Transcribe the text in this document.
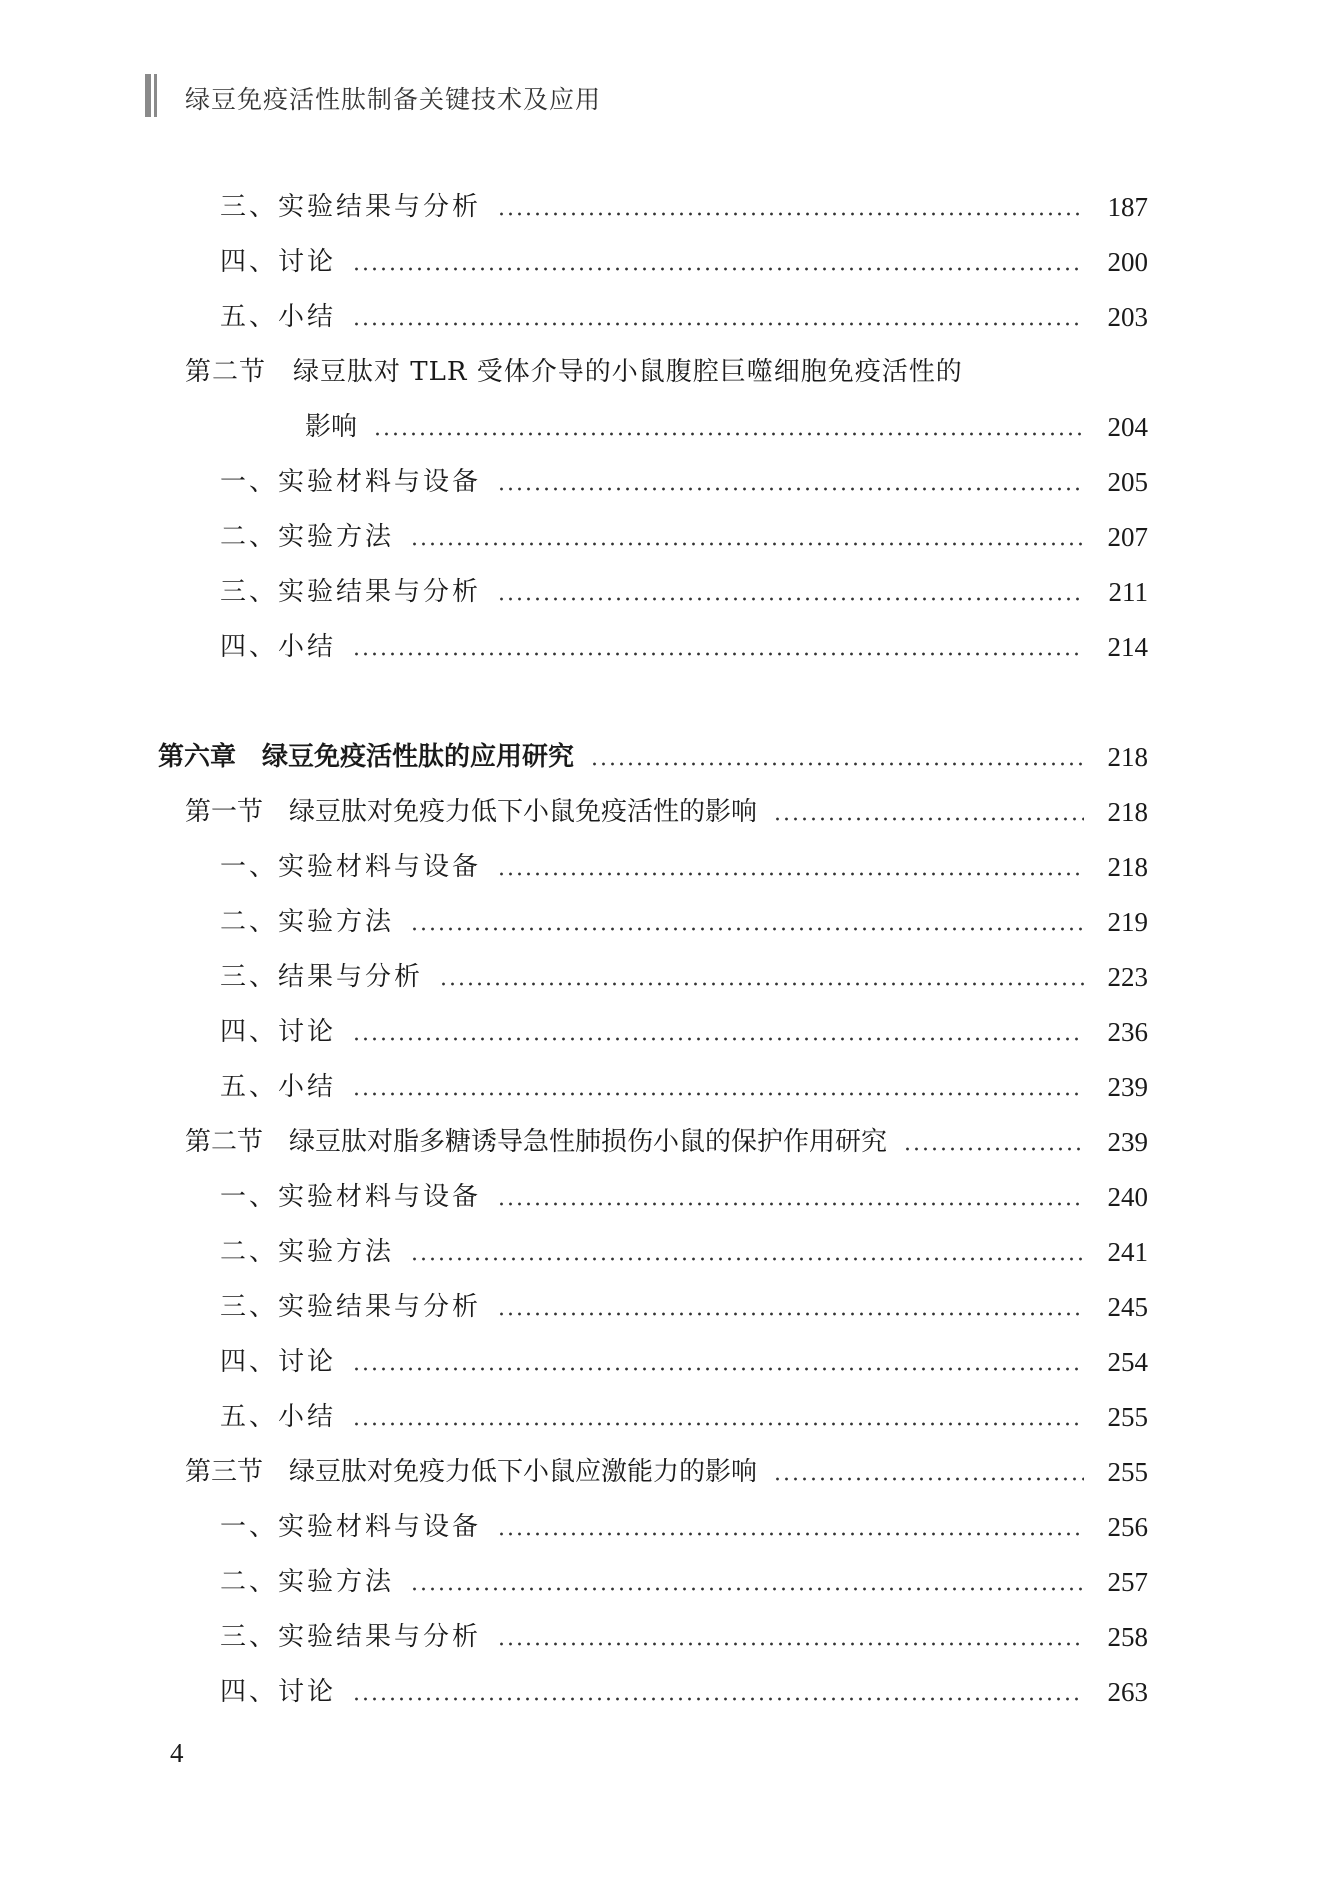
绿豆免疫活性肽制备关键技术及应用
三、实验结果与分析	187
四、讨论	200
五、小结	203
第二节　绿豆肽对 TLR 受体介导的小鼠腹腔巨噬细胞免疫活性的
影响	204
一、实验材料与设备	205
二、实验方法	207
三、实验结果与分析	211
四、小结	214
第六章　绿豆免疫活性肽的应用研究	218
第一节　绿豆肽对免疫力低下小鼠免疫活性的影响	218
一、实验材料与设备	218
二、实验方法	219
三、结果与分析	223
四、讨论	236
五、小结	239
第二节　绿豆肽对脂多糖诱导急性肺损伤小鼠的保护作用研究	239
一、实验材料与设备	240
二、实验方法	241
三、实验结果与分析	245
四、讨论	254
五、小结	255
第三节　绿豆肽对免疫力低下小鼠应激能力的影响	255
一、实验材料与设备	256
二、实验方法	257
三、实验结果与分析	258
四、讨论	263
4
